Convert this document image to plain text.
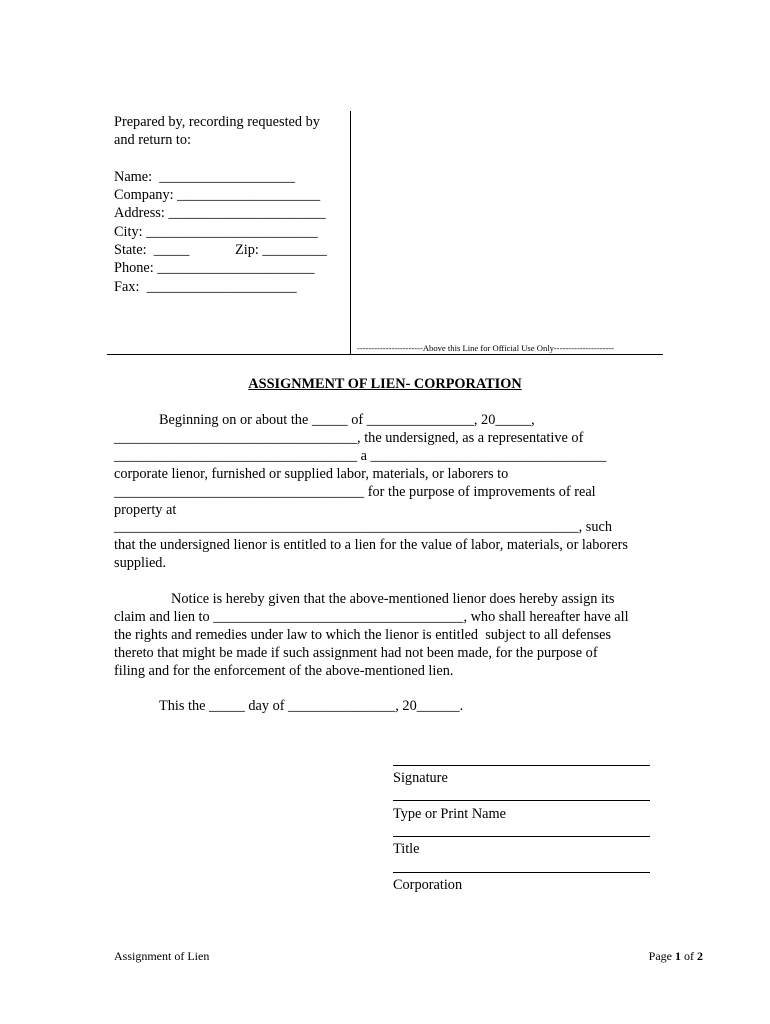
Prepared by, recording requested by
and return to:
Name:  ___________________
Company: ____________________
Address: ______________________
City: ________________________
State:  _____	Zip: _________
Phone: ______________________
Fax:  _____________________
-----------------------Above this Line for Official Use Only---------------------
ASSIGNMENT OF LIEN- CORPORATION
Beginning on or about the _____ of _______________, 20_____,
__________________________________, the undersigned, as a representative of
__________________________________ a _________________________________
corporate lienor, furnished or supplied labor, materials, or laborers to
___________________________________ for the purpose of improvements of real
property at
_________________________________________________________________, such
that the undersigned lienor is entitled to a lien for the value of labor, materials, or laborers
supplied.
Notice is hereby given that the above-mentioned lienor does hereby assign its
claim and lien to ___________________________________, who shall hereafter have all
the rights and remedies under law to which the lienor is entitled  subject to all defenses
thereto that might be made if such assignment had not been made, for the purpose of
filing and for the enforcement of the above-mentioned lien.
This the _____ day of _______________, 20______.
Signature
Type or Print Name
Title
Corporation
Assignment of Lien	Page 1 of 2
